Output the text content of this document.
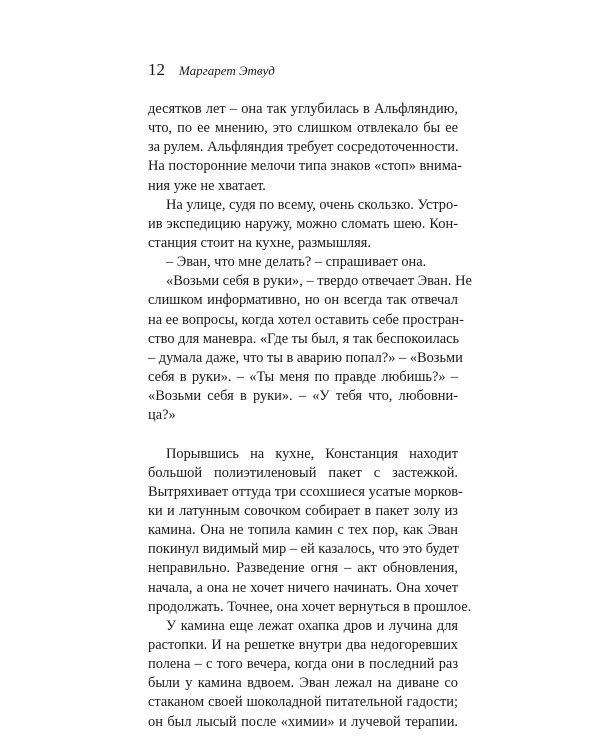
12 Маргарет Этвуд
десятков лет – она так углубилась в Альфляндию,
что, по ее мнению, это слишком отвлекало бы ее
за рулем. Альфляндия требует сосредоточенности.
На посторонние мелочи типа знаков «стоп» внима-
ния уже не хватает.
На улице, судя по всему, очень скользко. Устро-
ив экспедицию наружу, можно сломать шею. Кон-
станция стоит на кухне, размышляя.
– Эван, что мне делать? – спрашивает она.
«Возьми себя в руки», – твердо отвечает Эван. Не
слишком информативно, но он всегда так отвечал
на ее вопросы, когда хотел оставить себе простран-
ство для маневра. «Где ты был, я так беспокоилась
– думала даже, что ты в аварию попал?» – «Возьми
себя в руки». – «Ты меня по правде любишь?» –
«Возьми себя в руки». – «У тебя что, любовни-
ца?»
Порывшись на кухне, Констанция находит
большой полиэтиленовый пакет с застежкой.
Вытряхивает оттуда три ссохшиеся усатые морков-
ки и латунным совочком собирает в пакет золу из
камина. Она не топила камин с тех пор, как Эван
покинул видимый мир – ей казалось, что это будет
неправильно. Разведение огня – акт обновления,
начала, а она не хочет ничего начинать. Она хочет
продолжать. Точнее, она хочет вернуться в прошлое.
У камина еще лежат охапка дров и лучина для
растопки. И на решетке внутри два недогоревших
полена – с того вечера, когда они в последний раз
были у камина вдвоем. Эван лежал на диване со
стаканом своей шоколадной питательной гадости;
он был лысый после «химии» и лучевой терапии.
